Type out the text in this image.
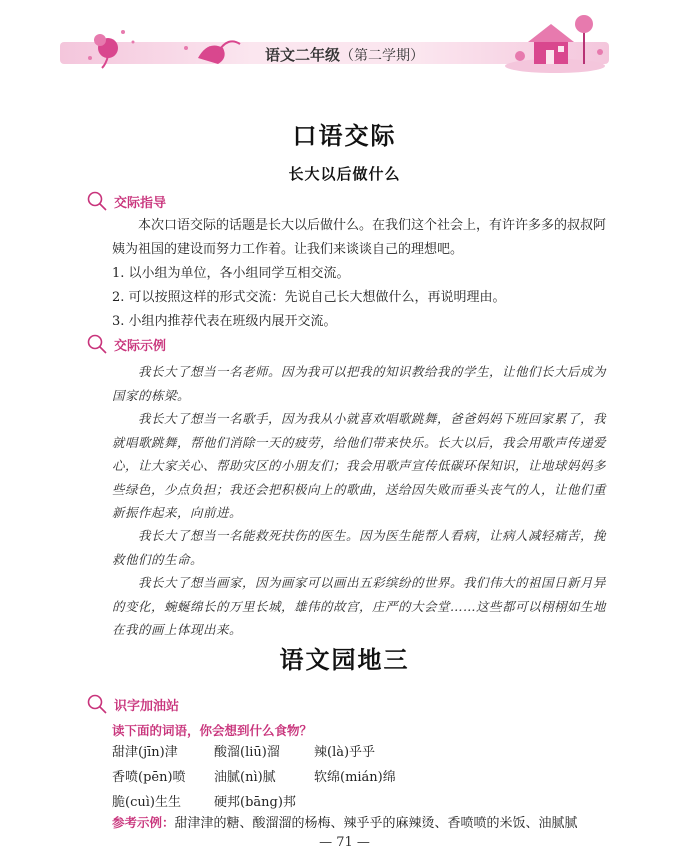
语文二年级（第二学期）
口语交际
长大以后做什么
交际指导
本次口语交际的话题是长大以后做什么。在我们这个社会上，有许许多多的叔叔阿姨为祖国的建设而努力工作着。让我们来谈谈自己的理想吧。
1. 以小组为单位，各小组同学互相交流。
2. 可以按照这样的形式交流：先说自己长大想做什么，再说明理由。
3. 小组内推荐代表在班级内展开交流。
交际示例
我长大了想当一名老师。因为我可以把我的知识教给我的学生，让他们长大后成为国家的栋梁。
我长大了想当一名歌手，因为我从小就喜欢唱歌跳舞，爸爸妈妈下班回家累了，我就唱歌跳舞，帮他们消除一天的疲劳，给他们带来快乐。长大以后，我会用歌声传递爱心，让大家关心、帮助灾区的小朋友们；我会用歌声宣传低碳环保知识，让地球妈妈多些绿色，少点负担；我还会把积极向上的歌曲，送给因失败而垂头丧气的人，让他们重新振作起来，向前进。
我长大了想当一名能救死扶伤的医生。因为医生能帮人看病，让病人减轻痛苦，挽救他们的生命。
我长大了想当画家，因为画家可以画出五彩缤纷的世界。我们伟大的祖国日新月异的变化，蜿蜒绵长的万里长城，雄伟的故宫，庄严的大会堂……这些都可以栩栩如生地在我的画上体现出来。
语文园地三
识字加油站
读下面的词语，你会想到什么食物？
甜津(jīn)津	酸溜(liū)溜	辣(là)乎乎
香喷(pēn)喷	油腻(nì)腻	软绵(mián)绵
脆(cuì)生生	硬邦(bāng)邦
参考示例：甜津津的糖、酸溜溜的杨梅、辣乎乎的麻辣烫、香喷喷的米饭、油腻腻
— 71 —
